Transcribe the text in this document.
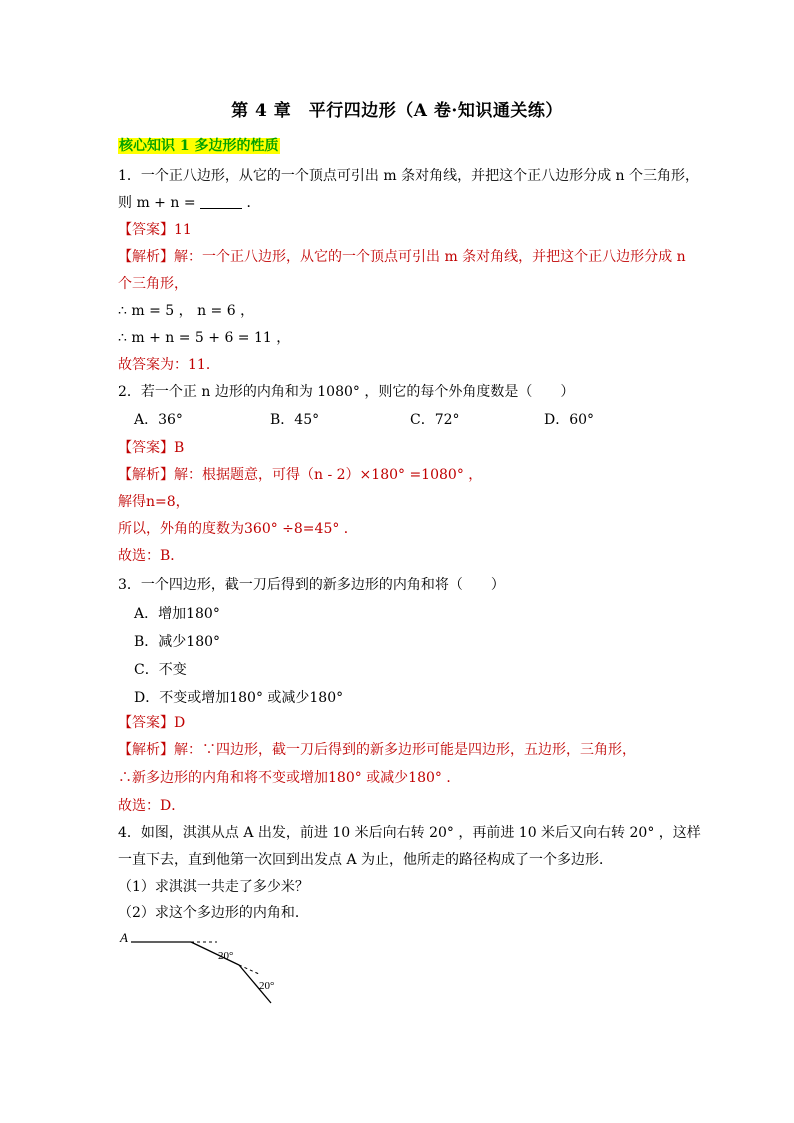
第 4 章　平行四边形（A 卷·知识通关练）
核心知识 1 多边形的性质
1．一个正八边形，从它的一个顶点可引出 m 条对角线，并把这个正八边形分成 n 个三角形，
则 m + n =	．
【答案】11
【解析】解：一个正八边形，从它的一个顶点可引出 m 条对角线，并把这个正八边形分成 n
个三角形，
∴ m = 5 ， n = 6 ，
∴ m + n = 5 + 6 = 11 ，
故答案为：11．
2．若一个正 n 边形的内角和为 1080° ，则它的每个外角度数是（　　）
A．36°	B．45°	C．72°	D．60°
【答案】B
【解析】解：根据题意，可得（n - 2）×180° =1080° ，
解得n=8，
所以，外角的度数为360° ÷8=45° ．
故选：B．
3．一个四边形，截一刀后得到的新多边形的内角和将（　　）
A．增加180°
B．减少180°
C．不变
D．不变或增加180° 或减少180°
【答案】D
【解析】解：∵四边形，截一刀后得到的新多边形可能是四边形，五边形，三角形，
∴新多边形的内角和将不变或增加180° 或减少180° ．
故选：D．
4．如图，淇淇从点 A 出发，前进 10 米后向右转 20° ，再前进 10 米后又向右转 20° ，这样
一直下去，直到他第一次回到出发点 A 为止，他所走的路径构成了一个多边形．
（1）求淇淇一共走了多少米？
（2）求这个多边形的内角和．
A
20°
20°
